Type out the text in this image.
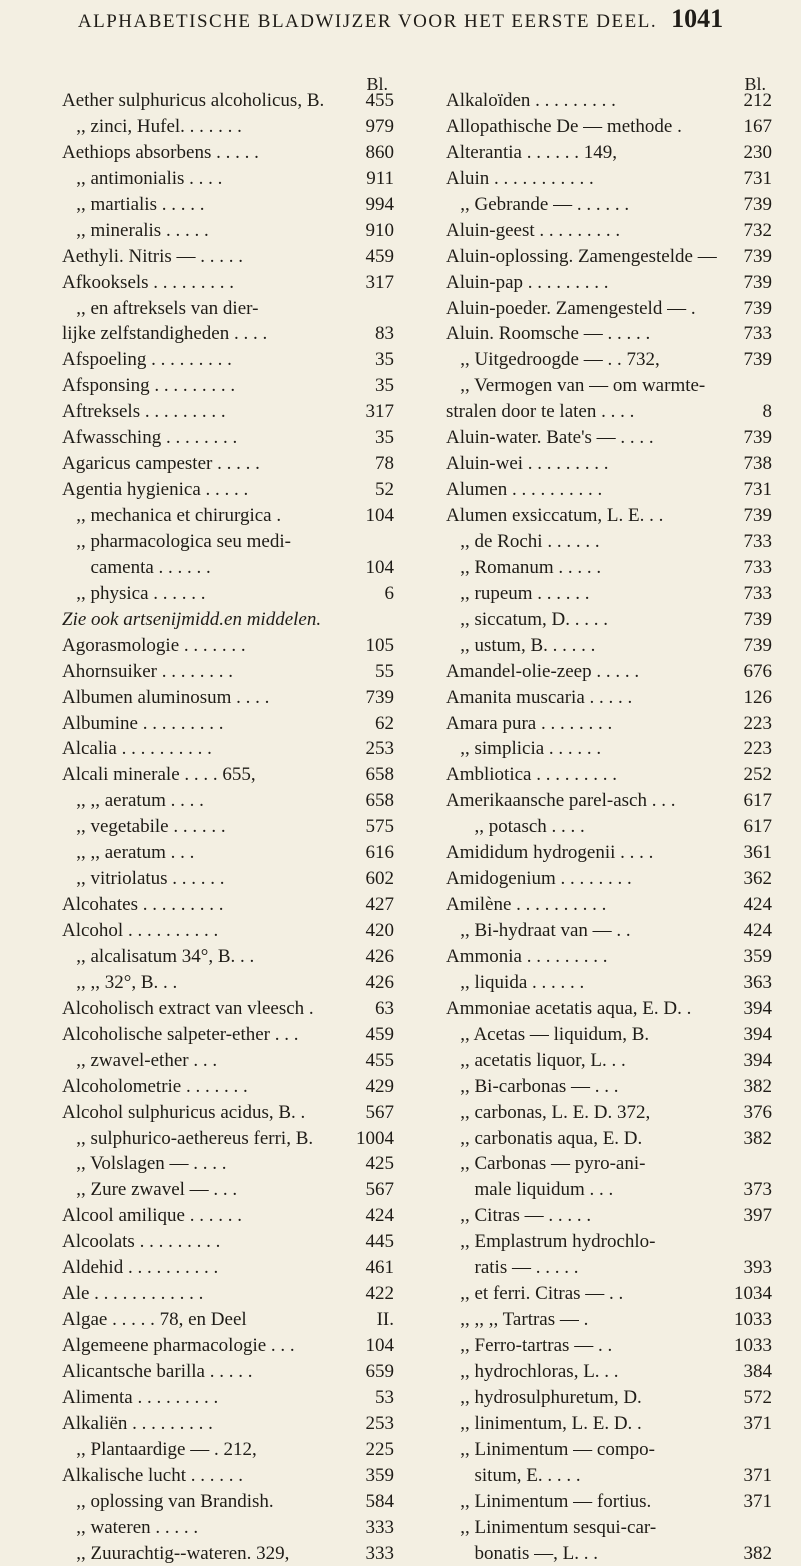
ALPHABETISCHE BLADWIJZER VOOR HET EERSTE DEEL. 1041
Bl.
Aether sulphuricus alcoholicus, B.	455
,, zinci, Hufel. . . . . . .	979
Aethiops absorbens . . . . .	860
,, antimonialis . . . .	911
,, martialis . . . . .	994
,, mineralis . . . . .	910
Aethyli. Nitris — . . . . .	459
Afkooksels . . . . . . . . .	317
,, en aftreksels van dier-
lijke zelfstandigheden . . . .	83
Afspoeling . . . . . . . . .	35
Afsponsing . . . . . . . . .	35
Aftreksels . . . . . . . . .	317
Afwassching . . . . . . . .	35
Agaricus campester . . . . .	78
Agentia hygienica . . . . .	52
,, mechanica et chirurgica .	104
,, pharmacologica seu medi-
camenta . . . . . .	104
,, physica . . . . . .	6
Zie ook artsenijmidd.en middelen.
Agorasmologie . . . . . . .	105
Ahornsuiker . . . . . . . .	55
Albumen aluminosum . . . .	739
Albumine . . . . . . . . .	62
Alcalia . . . . . . . . . .	253
Alcali minerale . . . . 655,	658
,, ,, aeratum . . . .	658
,, vegetabile . . . . . .	575
,, ,, aeratum . . .	616
,, vitriolatus . . . . . .	602
Alcohates . . . . . . . . .	427
Alcohol . . . . . . . . . .	420
,, alcalisatum 34°, B. . .	426
,, ,, 32°, B. . .	426
Alcoholisch extract van vleesch .	63
Alcoholische salpeter-ether . . .	459
,, zwavel-ether . . .	455
Alcoholometrie . . . . . . .	429
Alcohol sulphuricus acidus, B. .	567
,, sulphurico-aethereus ferri, B.	1004
,, Volslagen — . . . .	425
,, Zure zwavel — . . .	567
Alcool amilique . . . . . .	424
Alcoolats . . . . . . . . .	445
Aldehid . . . . . . . . . .	461
Ale . . . . . . . . . . . .	422
Algae . . . . . 78, en Deel	II.
Algemeene pharmacologie . . .	104
Alicantsche barilla . . . . .	659
Alimenta . . . . . . . . .	53
Alkaliën . . . . . . . . .	253
,, Plantaardige — . 212,	225
Alkalische lucht . . . . . .	359
,, oplossing van Brandish.	584
,, wateren . . . . .	333
,, Zuurachtig--wateren. 329,	333
Bl.
Alkaloïden . . . . . . . . .	212
Allopathische De — methode .	167
Alterantia . . . . . . 149,	230
Aluin . . . . . . . . . . .	731
,, Gebrande — . . . . . .	739
Aluin-geest . . . . . . . . .	732
Aluin-oplossing. Zamengestelde —	739
Aluin-pap . . . . . . . . .	739
Aluin-poeder. Zamengesteld — .	739
Aluin. Roomsche — . . . . .	733
,, Uitgedroogde — . . 732,	739
,, Vermogen van — om warmte-
stralen door te laten . . . .	8
Aluin-water. Bate's — . . . .	739
Aluin-wei . . . . . . . . .	738
Alumen . . . . . . . . . .	731
Alumen exsiccatum, L. E. . .	739
,, de Rochi . . . . . .	733
,, Romanum . . . . .	733
,, rupeum . . . . . .	733
,, siccatum, D. . . . .	739
,, ustum, B. . . . . .	739
Amandel-olie-zeep . . . . .	676
Amanita muscaria . . . . .	126
Amara pura . . . . . . . .	223
,, simplicia . . . . . .	223
Ambliotica . . . . . . . . .	252
Amerikaansche parel-asch . . .	617
,, potasch . . . .	617
Amididum hydrogenii . . . .	361
Amidogenium . . . . . . . .	362
Amilène . . . . . . . . . .	424
,, Bi-hydraat van — . .	424
Ammonia . . . . . . . . .	359
,, liquida . . . . . .	363
Ammoniae acetatis aqua, E. D. .	394
,, Acetas — liquidum, B.	394
,, acetatis liquor, L. . .	394
,, Bi-carbonas — . . .	382
,, carbonas, L. E. D. 372,	376
,, carbonatis aqua, E. D.	382
,, Carbonas — pyro-ani-
male liquidum . . .	373
,, Citras — . . . . .	397
,, Emplastrum hydrochlo-
ratis — . . . . .	393
,, et ferri. Citras — . .	1034
,, ,, ,, Tartras — .	1033
,, Ferro-tartras — . .	1033
,, hydrochloras, L. . .	384
,, hydrosulphuretum, D.	572
,, linimentum, L. E. D. .	371
,, Linimentum — compo-
situm, E. . . . .	371
,, Linimentum — fortius.	371
,, Linimentum sesqui-car-
bonatis —, L. . .	382
